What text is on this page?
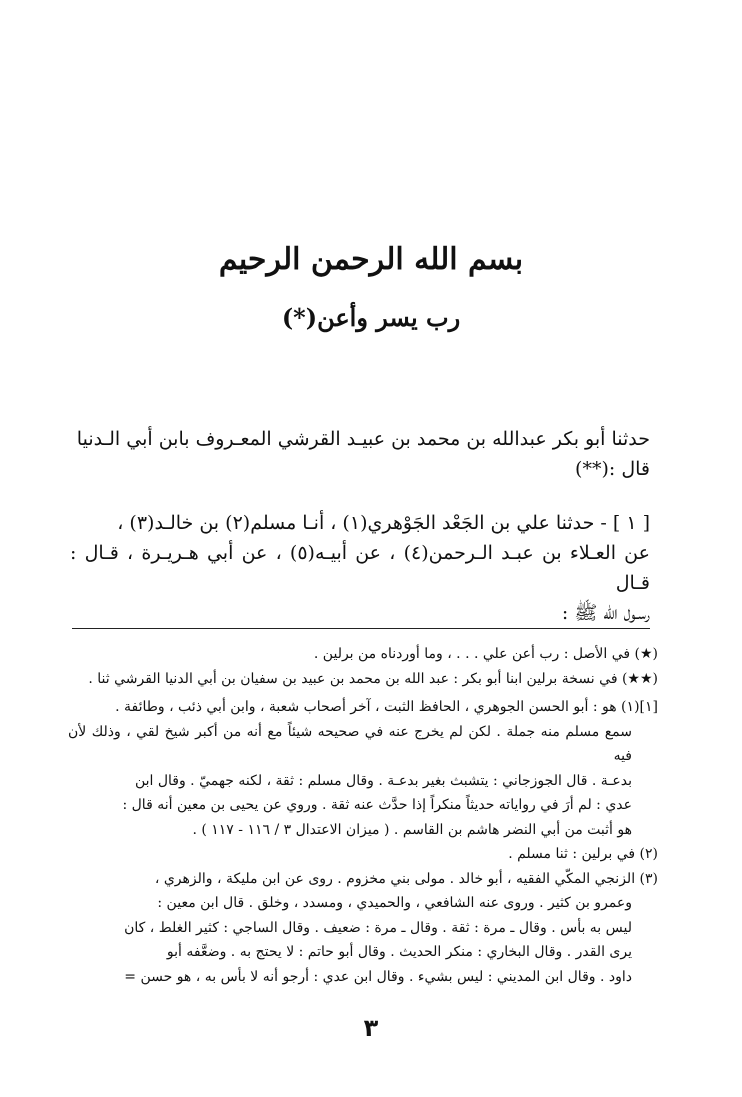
بسم الله الرحمن الرحيم
رب يسر وأعن(*)

حدثنا أبو بكر عبدالله بن محمد بن عبيـد القرشي المعـروف بابن أبي الـدنيا

قال :(**)

[ ١ ] - حدثنا علي بن الجَعْد الجَوْهري(١) ، أنـا مسلم(٢) بن خالـد(٣) ،

عن العـلاء بن عبـد الـرحمن(٤) ، عن أبيـه(٥) ، عن أبي هـريـرة ، قـال : قـال

رسـول الله ﷺ :

(★) في الأصل : رب أعن علي . . . ، وما أوردناه من برلين .

(★★) في نسخة برلين ابنا أبو بكر : عبد الله بن محمد بن عبيد بن سفيان بن أبي الدنيا القرشي ثنا .

[١](١) هو : أبو الحسن الجوهري ، الحافظ الثبت ، آخر أصحاب شعبة ، وابن أبي ذئب ، وطائفة .

سمع مسلم منه جملة . لكن لم يخرج عنه في صحيحه شيئاً مع أنه من أكبر شيخ لقي ، وذلك لأن فيه

بدعـة . قال الجوزجاني : يتشبث بغير بدعـة . وقال مسلم : ثقة ، لكنه جهميّ . وقال ابن

عدي : لم أرَ في رواياته حديثاً منكراً إذا حدَّث عنه ثقة . وروي عن يحيى بن معين أنه قال :

هو أثبت من أبي النضر هاشم بن القاسم . ( ميزان الاعتدال ٣ / ١١٦ - ١١٧ ) .

(٢) في برلين : ثنا مسلم .

(٣) الزنجي المكّي الفقيه ، أبو خالد . مولى بني مخزوم . روى عن ابن مليكة ، والزهري ،

وعمرو بن كثير . وروى عنه الشافعي ، والحميدي ، ومسدد ، وخلق . قال ابن معين :

ليس به بأس . وقال ـ مرة : ثقة . وقال ـ مرة : ضعيف . وقال الساجي : كثير الغلط ، كان

يرى القدر . وقال البخاري : منكر الحديث . وقال أبو حاتم : لا يحتج به . وضعَّفه أبو

داود . وقال ابن المديني : ليس بشيء . وقال ابن عدي : أرجو أنه لا بأس به ، هو حسن =

٣
